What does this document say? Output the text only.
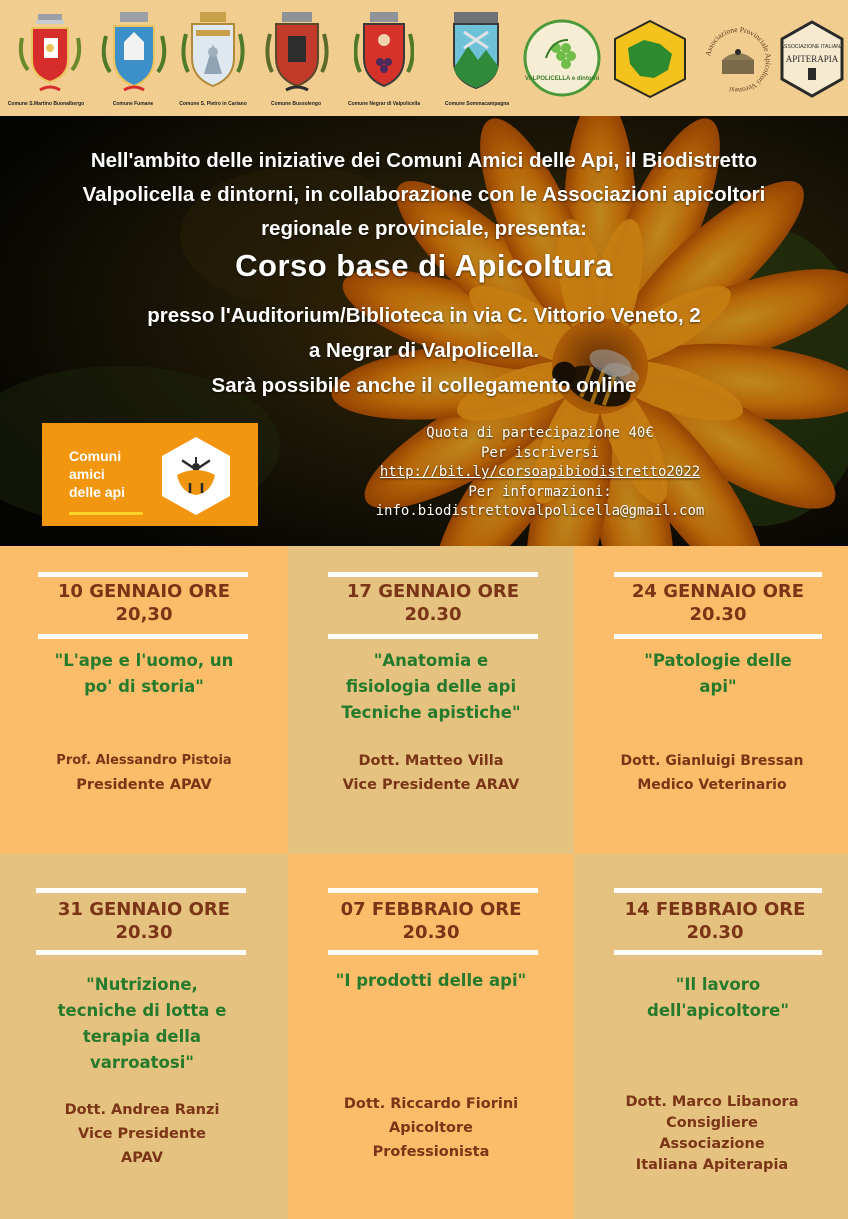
VALPOLICELLA e dintorni
Associazione Provinciale Apicoltori Veronesi
ASSOCIAZIONE ITALIANA
APITERAPIA
Comune S.Martino Buonalbergo	Comune Fumane	Comune S. Pietro in Cariano	Comune Bussolengo	Comune Negrar di Valpolicella	Comune Sommacampagna
Nell'ambito delle iniziative dei Comuni Amici delle Api, il Biodistretto Valpolicella e dintorni, in collaborazione con le Associazioni apicoltori regionale e provinciale, presenta:
Corso base di Apicoltura
presso l'Auditorium/Biblioteca in via C. Vittorio Veneto, 2
a Negrar di Valpolicella.
Sarà possibile anche il collegamento online
Comuni
amici
delle api
Quota di partecipazione 40€
Per iscriversi
http://bit.ly/corsoapibiodistretto2022
Per informazioni:
info.biodistrettovalpolicella@gmail.com
10 GENNAIO ORE
20,30
"L'ape e l'uomo, un
po' di storia"
Prof. Alessandro Pistoia
Presidente APAV
17 GENNAIO ORE
20.30
"Anatomia e
fisiologia delle api
Tecniche apistiche"
Dott. Matteo Villa
Vice Presidente ARAV
24 GENNAIO ORE
20.30
"Patologie delle
api"
Dott. Gianluigi Bressan
Medico Veterinario
31 GENNAIO ORE
20.30
"Nutrizione,
tecniche di lotta e
terapia della
varroatosi"
Dott. Andrea Ranzi
Vice Presidente
APAV
07 FEBBRAIO ORE
20.30
"I prodotti delle api"
Dott. Riccardo Fiorini
Apicoltore
Professionista
14 FEBBRAIO ORE
20.30
"Il lavoro
dell'apicoltore"
Dott. Marco Libanora
Consigliere
Associazione
Italiana Apiterapia
